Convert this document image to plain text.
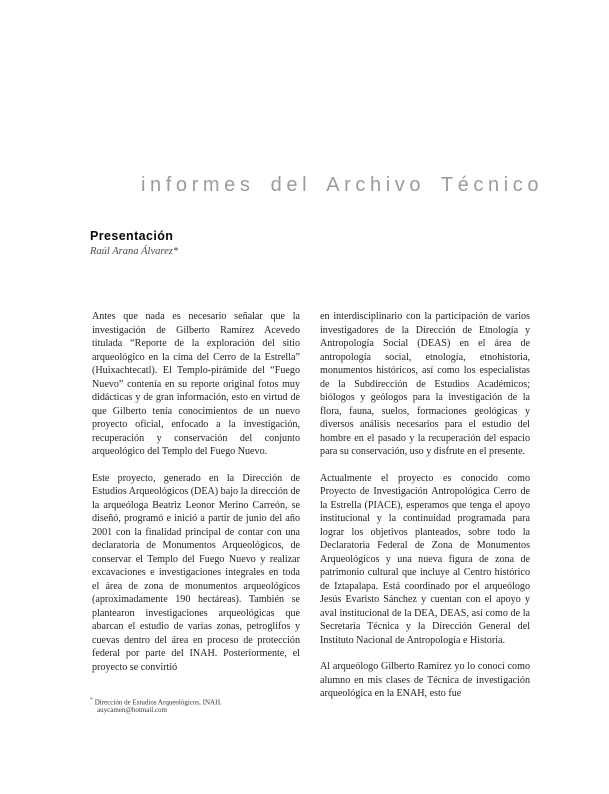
informes del Archivo Técnico
Presentación
Raúl Arana Álvarez*

Antes que nada es necesario señalar que la investigación de Gilberto Ramírez Acevedo titulada “Reporte de la exploración del sitio arqueológico en la cima del Cerro de la Estrella” (Huixachtecatl). El Templo-pirámide del “Fuego Nuevo” contenía en su reporte original fotos muy didácticas y de gran información, esto en virtud de que Gilberto tenía conocimientos de un nuevo proyecto oficial, enfocado a la investigación, recuperación y conservación del conjunto arqueológico del Templo del Fuego Nuevo.

Este proyecto, generado en la Dirección de Estudios Arqueológicos (DEA) bajo la dirección de la arqueóloga Beatriz Leonor Merino Carreón, se diseñó, programó e inició a partir de junio del año 2001 con la finalidad principal de contar con una declaratoria de Monumentos Arqueológicos, de conservar el Templo del Fuego Nuevo y realizar excavaciones e investigaciones integrales en toda el área de zona de monumentos arqueológicos (aproximadamente 190 hectáreas). También se plantearon investigaciones arqueológicas que abarcan el estudio de varias zonas, petroglifos y cuevas dentro del área en proceso de protección federal por parte del INAH. Posteriormente, el proyecto se convirtió

en interdisciplinario con la participación de varios investigadores de la Dirección de Etnología y Antropología Social (DEAS) en el área de antropología social, etnología, etnohistoria, monumentos históricos, así como los especialistas de la Subdirección de Estudios Académicos; biólogos y geólogos para la investigación de la flora, fauna, suelos, formaciones geológicas y diversos análisis necesarios para el estudio del hombre en el pasado y la recuperación del espacio para su conservación, uso y disfrute en el presente.

Actualmente el proyecto es conocido como Proyecto de Investigación Antropológica Cerro de la Estrella (PIACE), esperamos que tenga el apoyo institucional y la continuidad programada para lograr los objetivos planteados, sobre todo la Declaratoria Federal de Zona de Monumentos Arqueológicos y una nueva figura de zona de patrimonio cultural que incluye al Centro histórico de Iztapalapa. Está coordinado por el arqueólogo Jesús Evaristo Sánchez y cuentan con el apoyo y aval institucional de la DEA, DEAS, así como de la Secretaría Técnica y la Dirección General del Instituto Nacional de Antropología e Historia.

Al arqueólogo Gilberto Ramírez yo lo conocí como alumno en mis clases de Técnica de investigación arqueológica en la ENAH, esto fue

* Dirección de Estudios Arqueológicos, INAH.
auycamen@hotmail.com
